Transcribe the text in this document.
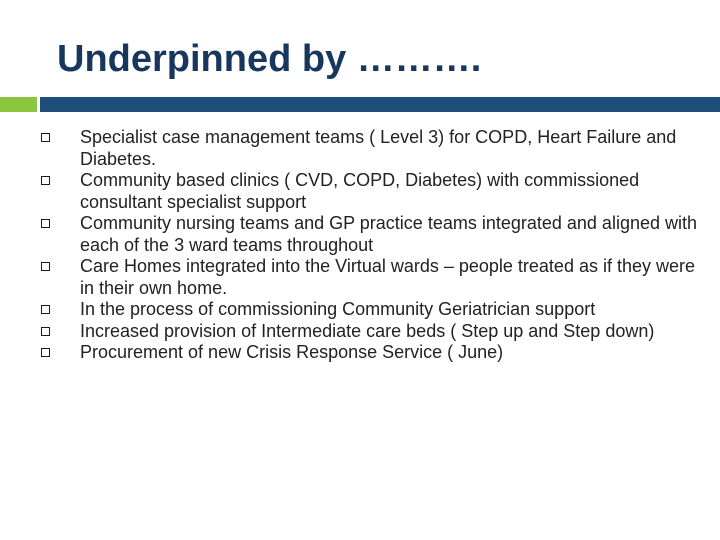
Underpinned by ……….
Specialist case management teams ( Level 3) for COPD, Heart Failure and Diabetes.
Community based clinics ( CVD, COPD, Diabetes) with commissioned consultant specialist support
Community nursing teams and GP practice teams integrated and aligned with each of the 3 ward teams throughout
Care Homes integrated into the Virtual wards – people treated as if they were in their own home.
In the process of commissioning Community Geriatrician support
Increased provision of Intermediate care beds ( Step up and Step down)
Procurement of new Crisis Response Service ( June)
